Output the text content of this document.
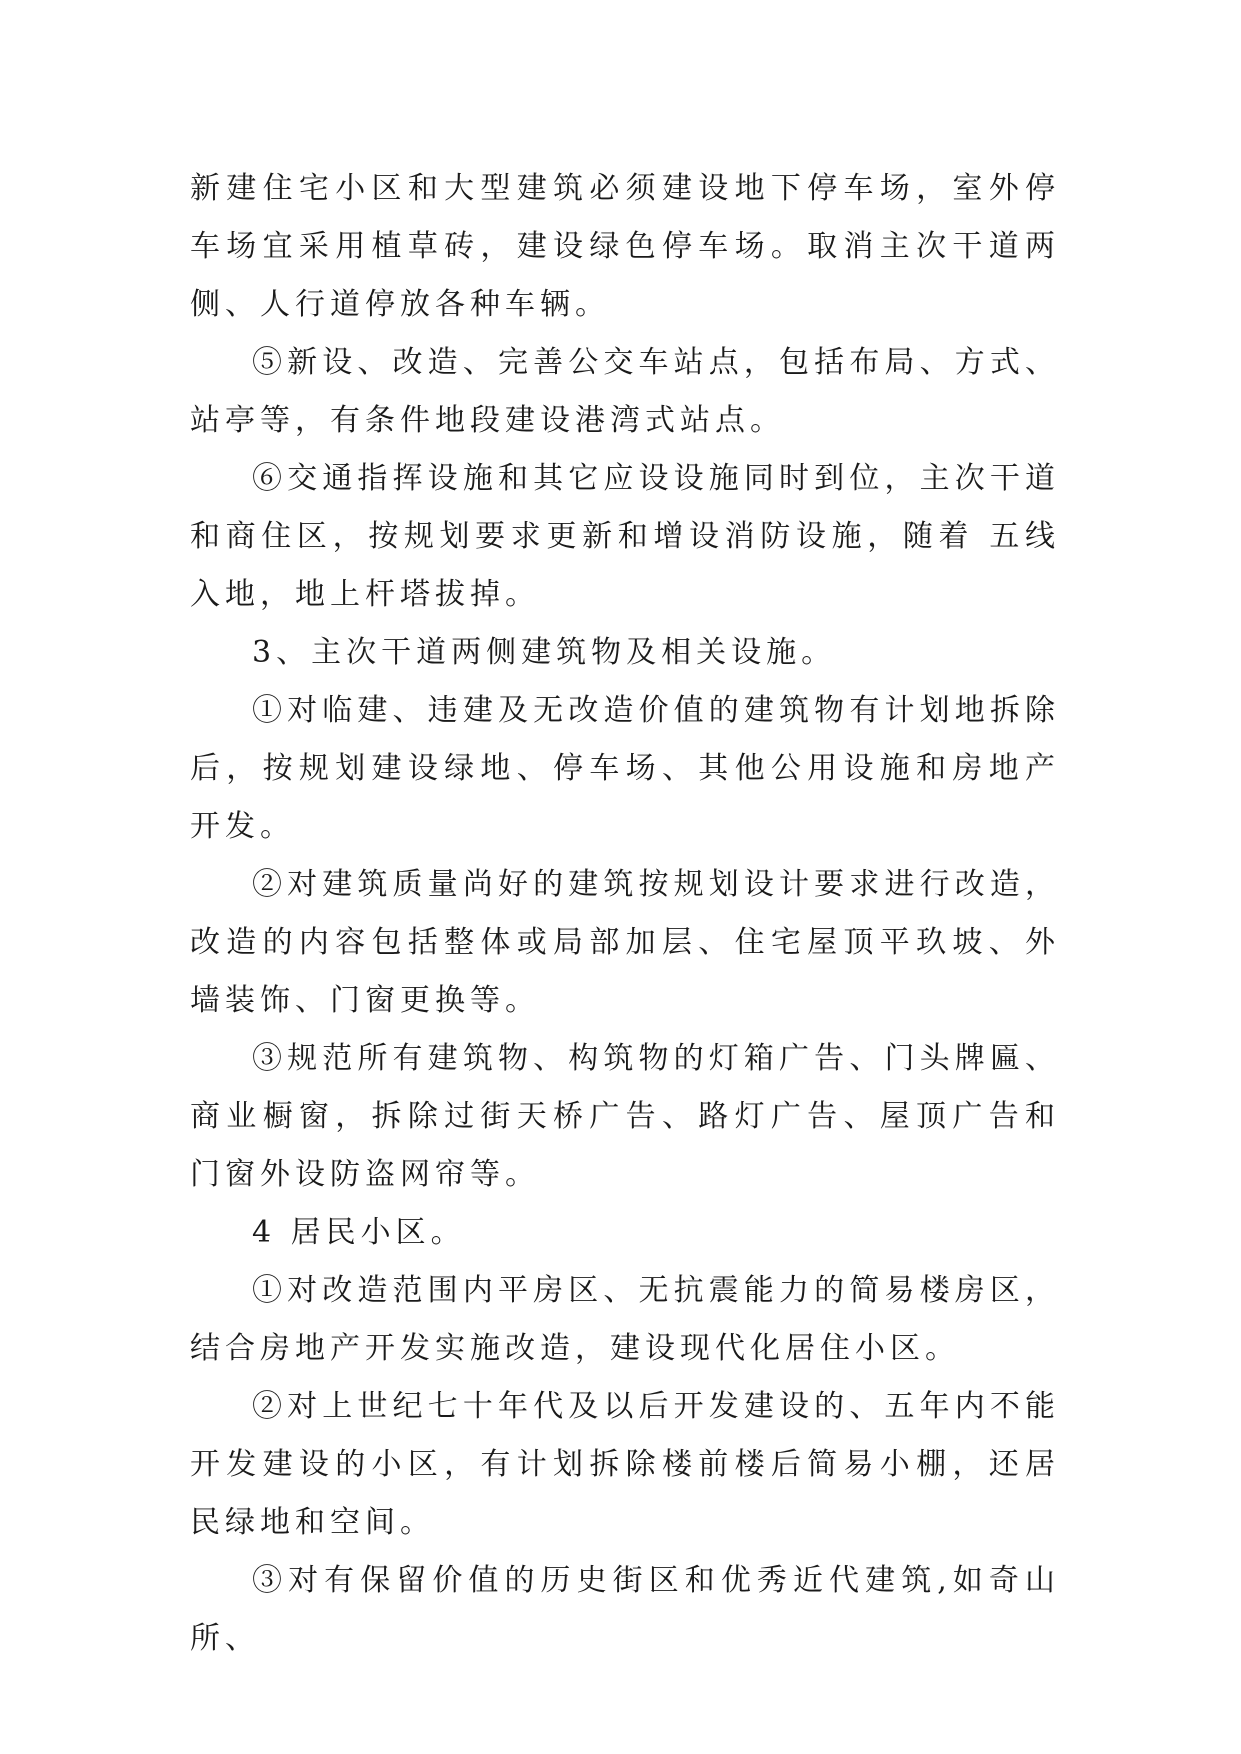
新建住宅小区和大型建筑必须建设地下停车场，室外停车场宜采用植草砖，建设绿色停车场。取消主次干道两侧、人行道停放各种车辆。

⑤新设、改造、完善公交车站点，包括布局、方式、站亭等，有条件地段建设港湾式站点。

⑥交通指挥设施和其它应设设施同时到位，主次干道和商住区，按规划要求更新和增设消防设施，随着 五线入地，地上杆塔拔掉。

3、主次干道两侧建筑物及相关设施。

①对临建、违建及无改造价值的建筑物有计划地拆除后，按规划建设绿地、停车场、其他公用设施和房地产开发。

②对建筑质量尚好的建筑按规划设计要求进行改造，改造的内容包括整体或局部加层、住宅屋顶平玖坡、外墙装饰、门窗更换等。

③规范所有建筑物、构筑物的灯箱广告、门头牌匾、商业橱窗，拆除过街天桥广告、路灯广告、屋顶广告和门窗外设防盗网帘等。

4 居民小区。

①对改造范围内平房区、无抗震能力的简易楼房区，结合房地产开发实施改造，建设现代化居住小区。

②对上世纪七十年代及以后开发建设的、五年内不能开发建设的小区，有计划拆除楼前楼后简易小棚，还居民绿地和空间。

③对有保留价值的历史街区和优秀近代建筑,如奇山所、
